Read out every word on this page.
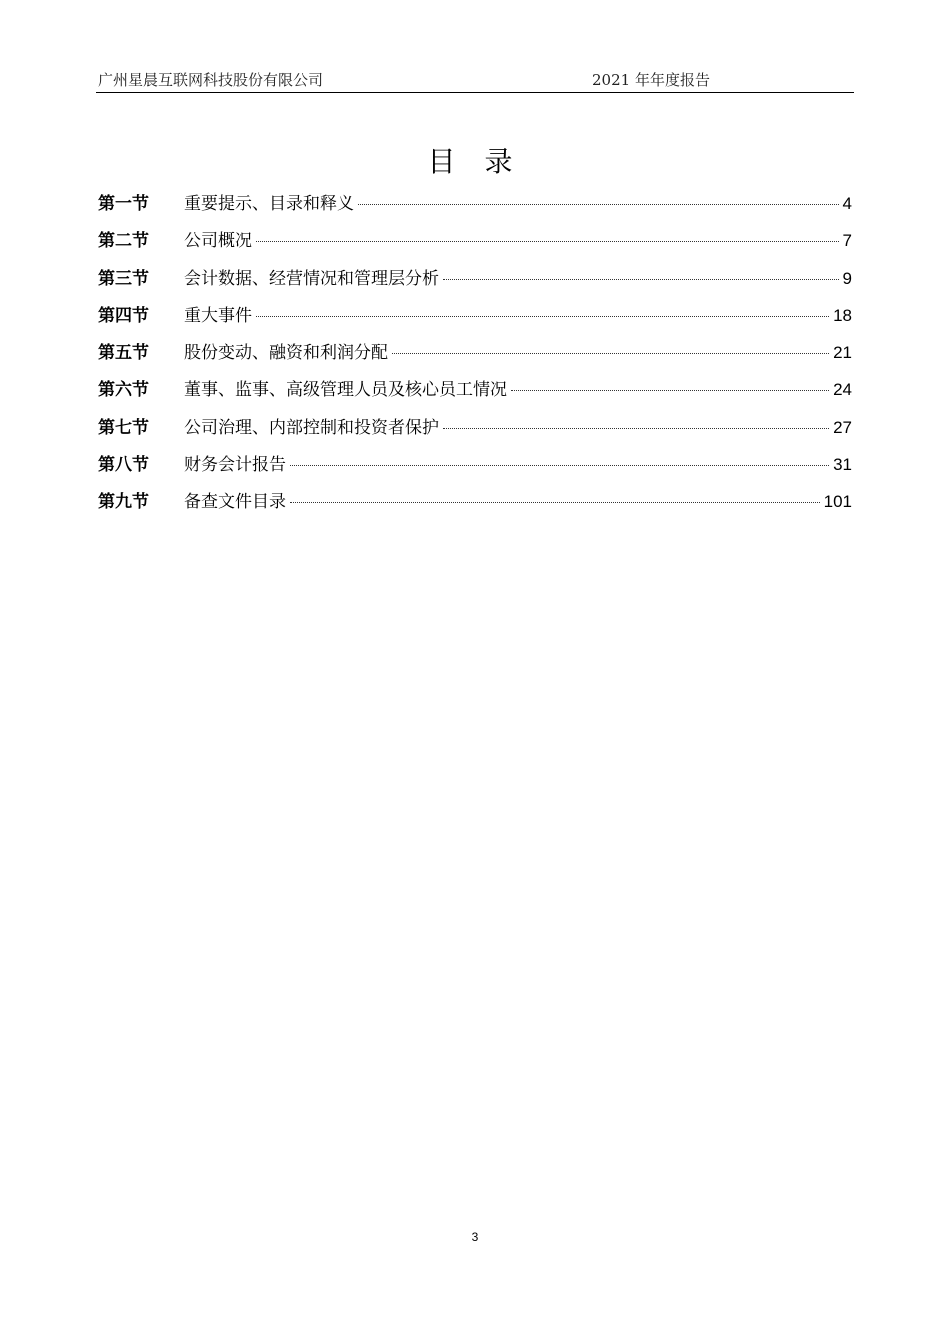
广州星晨互联网科技股份有限公司	2021 年年度报告
目 录
第一节	重要提示、目录和释义	4
第二节	公司概况	7
第三节	会计数据、经营情况和管理层分析	9
第四节	重大事件	18
第五节	股份变动、融资和利润分配	21
第六节	董事、监事、高级管理人员及核心员工情况	24
第七节	公司治理、内部控制和投资者保护	27
第八节	财务会计报告	31
第九节	备查文件目录	101
3
